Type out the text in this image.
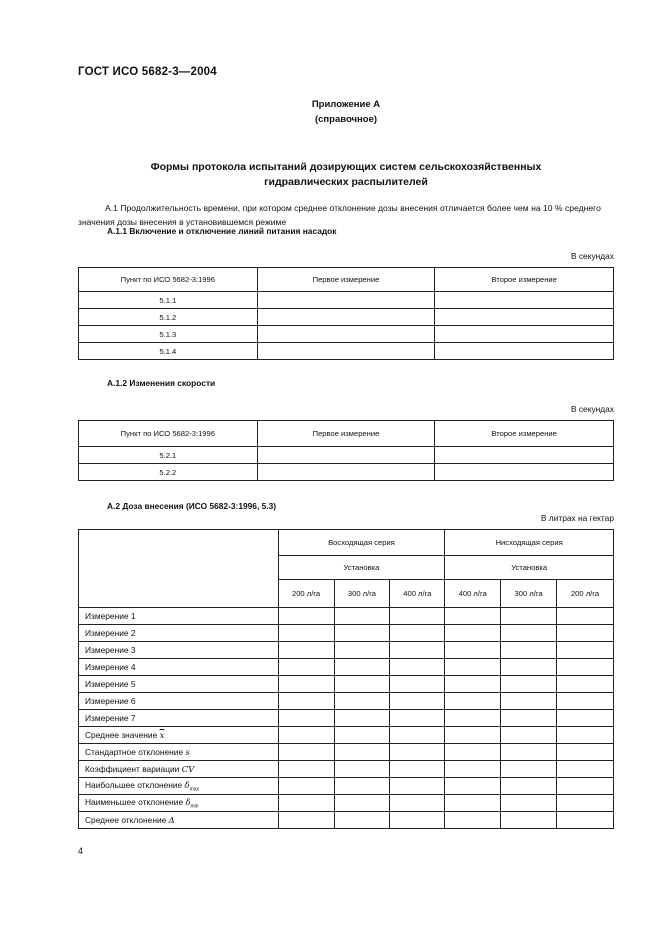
ГОСТ ИСО 5682-3—2004
Приложение А
(справочное)
Формы протокола испытаний дозирующих систем сельскохозяйственных
гидравлических распылителей
А.1 Продолжительность времени, при котором среднее отклонение дозы внесения отличается более чем на 10 % среднего значения дозы внесения в установившемся режиме
А.1.1 Включение и отключение линий питания насадок
В секундах
Пункт по ИСО 5682-3:1996	Первое измерение	Второе измерение
5.1.1		
5.1.2		
5.1.3		
5.1.4		
А.1.2 Изменения скорости
В секундах
Пункт по ИСО 5682-3:1996	Первое измерение	Второе измерение
5.2.1		
5.2.2		
А.2 Доза внесения (ИСО 5682-3:1996, 5.3)
В литрах на гектар
	Восходящая серия			Нисходящая серия		
	Установка			Установка		
	200 л/га	300 л/га	400 л/га	400 л/га	300 л/га	200 л/га
Измерение 1						
Измерение 2						
Измерение 3						
Измерение 4						
Измерение 5						
Измерение 6						
Измерение 7						
Среднее значение $\overline{x}$						
Стандартное отклонение s						
Коэффициент вариации CV						
Наибольшее отклонение $\delta_{max}$						
Наименьшее отклонение $\delta_{min}$						
Среднее отклонение Δ						
4
